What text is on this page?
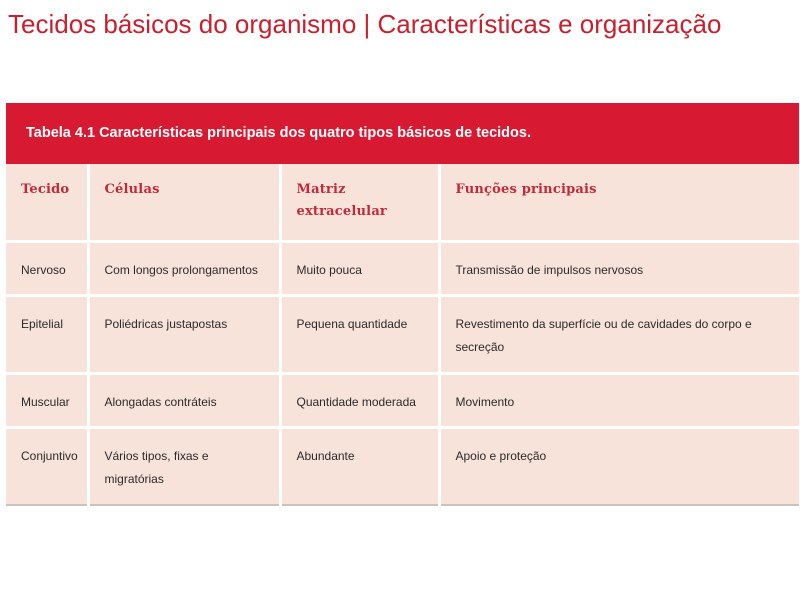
Tecidos básicos do organismo | Características e organização
Tabela 4.1 Características principais dos quatro tipos básicos de tecidos.
Tecido	Células	Matriz extracelular	Funções principais
Nervoso	Com longos prolongamentos	Muito pouca	Transmissão de impulsos nervosos
Epitelial	Poliédricas justapostas	Pequena quantidade	Revestimento da superfície ou de cavidades do corpo e secreção
Muscular	Alongadas contráteis	Quantidade moderada	Movimento
Conjuntivo	Vários tipos, fixas e migratórias	Abundante	Apoio e proteção
